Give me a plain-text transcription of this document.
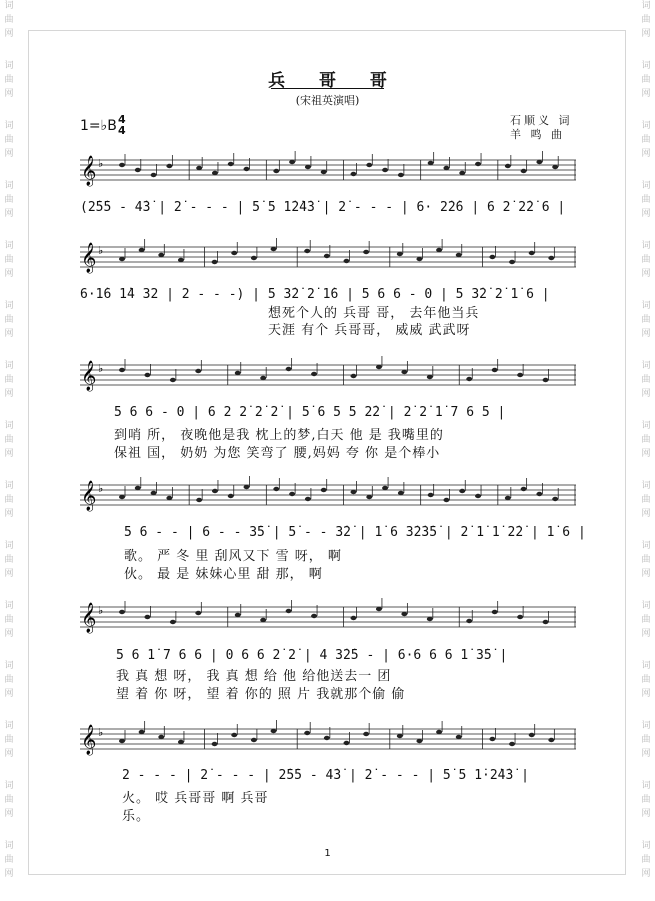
词
曲
网
词
曲
网
词
曲
网
词
曲
网
词
曲
网
词
曲
网
词
曲
网
词
曲
网
词
曲
网
词
曲
网
词
曲
网
词
曲
网
词
曲
网
词
曲
网
词
曲
网
词
曲
网
词
曲
网
词
曲
网
词
曲
网
词
曲
网
词
曲
网
词
曲
网
词
曲
网
词
曲
网
词
曲
网
词
曲
网
词
曲
网
词
曲
网
词
曲
网
词
曲
网
兵 哥 哥
(宋祖英演唱)
石顺义 词
羊 鸣 曲
1=♭B 4
4
𝄞 ♭
(2̇5̇5 - 4̇3̇ | 2̇ - - - | 5̇ 5 1̇2̇4̇3̇ | 2̇ - - - | 6· 2̇2̇6 | 6 2̇ 2̇2̇ 6 |
𝄞 ♭
6·1̇6 1̇4 32 | 2 - - -) | 5 3̇2̇ 2̇ 1̇6 | 5 6 6 - 0 | 5 3̇2̇ 2̇ 1̇ 6 |
想死个人的 兵哥 哥， 去年他当兵
天涯 有个 兵哥哥， 威威 武武呀
𝄞 ♭
5 6 6 - 0 | 6 2 2̇ 2̇ 2̇ | 5̇ 6 5 5 2̇2̇ | 2̇ 2̇ 1̇ 7 6 5 |
到哨 所， 夜晚他是我 枕上的梦,白天 他 是 我嘴里的
保祖 国， 奶奶 为您 笑弯了 腰,妈妈 夸 你 是个棒小
𝄞 ♭
5 6 - - | 6 - - 3̇5̇ | 5̇ - - 3̇2̇ | 1̇ 6 3̇2̇3̇5̇ | 2̇ 1̇ 1̇ 2̇2̇ | 1̇ 6 |
歌。 严 冬 里 刮风又下 雪 呀， 啊
伙。 最 是 妹妹心里 甜 那， 啊
𝄞 ♭
5 6 1̇ 7 6 6 | 0 6 6 2̇ 2̇ | 4 3̇2̇5 - | 6·6 6 6 1̇ 3̇5̇ |
我 真 想 呀， 我 真 想 给 他 给他送去一 团
望 着 你 呀， 望 着 你的 照 片 我就那个偷 偷
𝄞 ♭
2 - - - | 2̇ - - - | 2̇5̇5 - 4̇3̇ | 2̇ - - - | 5̇ 5 1̇·2̇4̇3̇ |
火。 哎 兵哥哥 啊 兵哥
乐。
1
